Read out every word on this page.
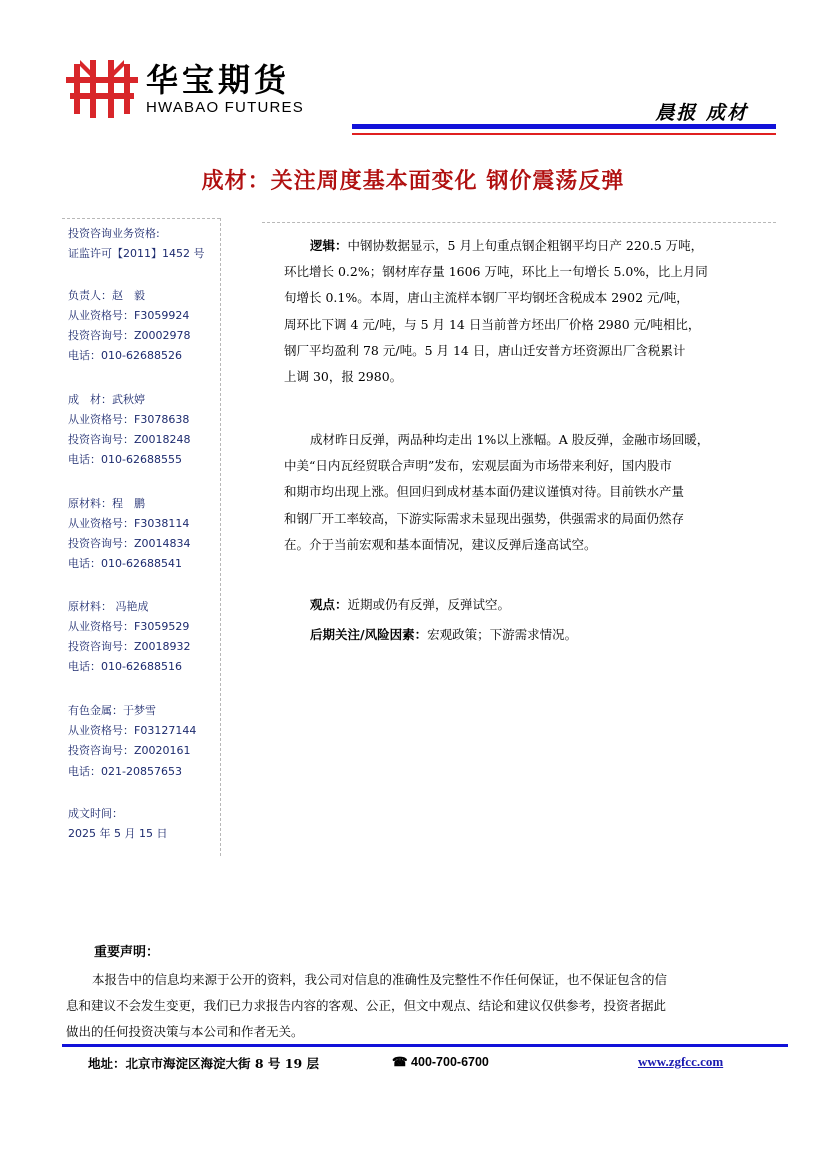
华宝期货
HWABAO FUTURES	晨报 成材
成材：关注周度基本面变化 钢价震荡反弹
投资咨询业务资格:
证监许可【2011】1452 号
负责人：赵　毅
从业资格号：F3059924
投资咨询号：Z0002978
电话：010-62688526
成　材：武秋婷
从业资格号：F3078638
投资咨询号：Z0018248
电话：010-62688555
原材料：程　鹏
从业资格号：F3038114
投资咨询号：Z0014834
电话：010-62688541
原材料： 冯艳成
从业资格号：F3059529
投资咨询号：Z0018932
电话：010-62688516
有色金属：于梦雪
从业资格号：F03127144
投资咨询号：Z0020161
电话：021-20857653
成文时间：
2025 年 5 月 15 日
逻辑：中钢协数据显示，5 月上旬重点钢企粗钢平均日产 220.5 万吨，
环比增长 0.2%；钢材库存量 1606 万吨，环比上一旬增长 5.0%，比上月同
旬增长 0.1%。本周，唐山主流样本钢厂平均钢坯含税成本 2902 元/吨，
周环比下调 4 元/吨，与 5 月 14 日当前普方坯出厂价格 2980 元/吨相比，
钢厂平均盈利 78 元/吨。5 月 14 日，唐山迁安普方坯资源出厂含税累计
上调 30，报 2980。
成材昨日反弹，两品种均走出 1%以上涨幅。A 股反弹，金融市场回暖，
中美“日内瓦经贸联合声明”发布，宏观层面为市场带来利好，国内股市
和期市均出现上涨。但回归到成材基本面仍建议谨慎对待。目前铁水产量
和钢厂开工率较高，下游实际需求未显现出强势，供强需求的局面仍然存
在。介于当前宏观和基本面情况，建议反弹后逢高试空。
观点：近期或仍有反弹，反弹试空。
后期关注/风险因素：宏观政策；下游需求情况。
重要声明：
本报告中的信息均来源于公开的资料，我公司对信息的准确性及完整性不作任何保证，也不保证包含的信
息和建议不会发生变更，我们已力求报告内容的客观、公正，但文中观点、结论和建议仅供参考，投资者据此
做出的任何投资决策与本公司和作者无关。
地址：北京市海淀区海淀大街 8 号 19 层	☎ 400-700-6700	www.zgfcc.com
